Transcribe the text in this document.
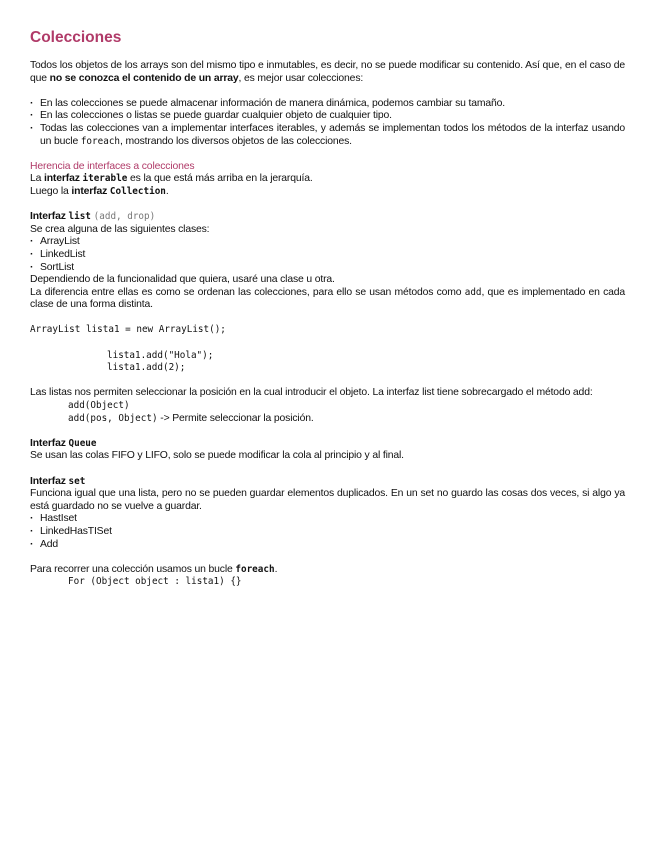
Colecciones

Todos los objetos de los arrays son del mismo tipo e inmutables, es decir, no se puede modificar su contenido. Así que, en el caso de que no se conozca el contenido de un array, es mejor usar colecciones:

· En las colecciones se puede almacenar información de manera dinámica, podemos cambiar su tamaño.
· En las colecciones o listas se puede guardar cualquier objeto de cualquier tipo.
· Todas las colecciones van a implementar interfaces iterables, y además se implementan todos los métodos de la interfaz usando un bucle foreach, mostrando los diversos objetos de las colecciones.

Herencia de interfaces a colecciones

La interfaz iterable es la que está más arriba en la jerarquía.

Luego la interfaz Collection.

Interfaz list (add, drop)

Se crea alguna de las siguientes clases:

· ArrayList
· LinkedList
· SortList

Dependiendo de la funcionalidad que quiera, usaré una clase u otra.

La diferencia entre ellas es como se ordenan las colecciones, para ello se usan métodos como add, que es implementado en cada clase de una forma distinta.

ArrayList lista1 = new ArrayList();
lista1.add("Hola");
lista1.add(2);

Las listas nos permiten seleccionar la posición en la cual introducir el objeto. La interfaz list tiene sobrecargado el método add:

add(Object)

add(pos, Object) -> Permite seleccionar la posición.

Interfaz Queue

Se usan las colas FIFO y LIFO, solo se puede modificar la cola al principio y al final.

Interfaz set

Funciona igual que una lista, pero no se pueden guardar elementos duplicados. En un set no guardo las cosas dos veces, si algo ya está guardado no se vuelve a guardar.

· HastIset
· LinkedHasTISet
· Add

Para recorrer una colección usamos un bucle foreach.

For (Object object : lista1) {}
